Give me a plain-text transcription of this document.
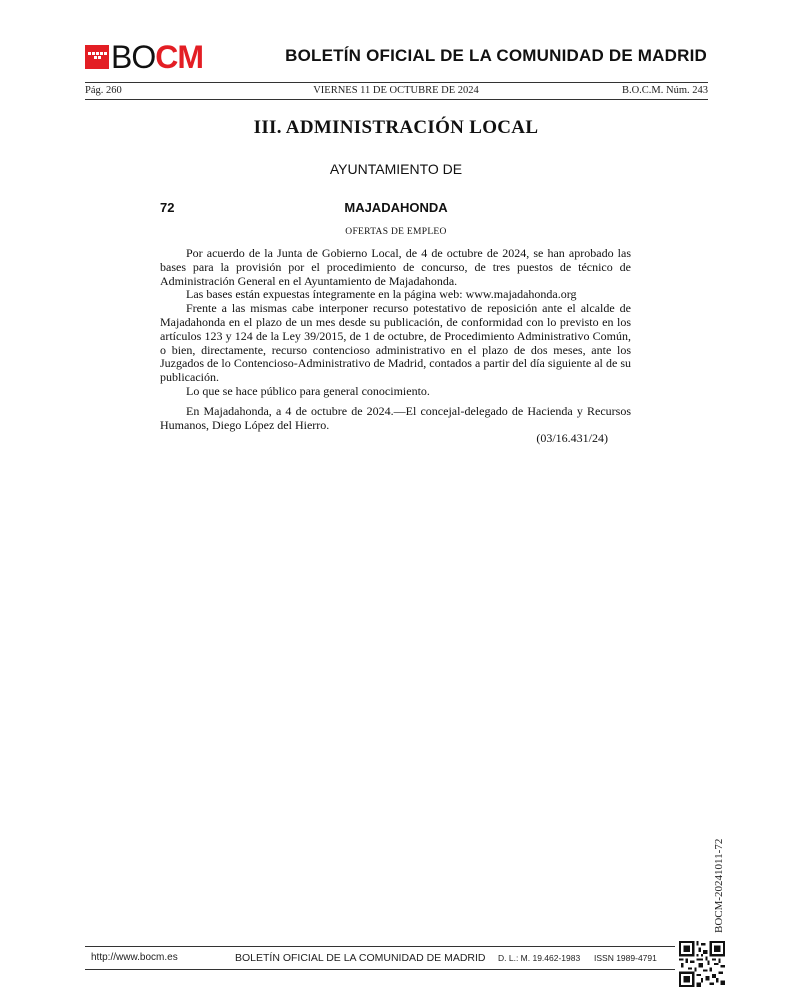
BOCM	BOLETÍN OFICIAL DE LA COMUNIDAD DE MADRID
Pág. 260	VIERNES 11 DE OCTUBRE DE 2024	B.O.C.M. Núm. 243
III. ADMINISTRACIÓN LOCAL
AYUNTAMIENTO DE
72	MAJADAHONDA
OFERTAS DE EMPLEO

Por acuerdo de la Junta de Gobierno Local, de 4 de octubre de 2024, se han aprobado las bases para la provisión por el procedimiento de concurso, de tres puestos de técnico de Administración General en el Ayuntamiento de Majadahonda.

Las bases están expuestas íntegramente en la página web: www.majadahonda.org

Frente a las mismas cabe interponer recurso potestativo de reposición ante el alcalde de Majadahonda en el plazo de un mes desde su publicación, de conformidad con lo previsto en los artículos 123 y 124 de la Ley 39/2015, de 1 de octubre, de Procedimiento Administrativo Común, o bien, directamente, recurso contencioso administrativo en el plazo de dos meses, ante los Juzgados de lo Contencioso-Administrativo de Madrid, contados a partir del día siguiente al de su publicación.

Lo que se hace público para general conocimiento.

En Majadahonda, a 4 de octubre de 2024.—El concejal-delegado de Hacienda y Recursos Humanos, Diego López del Hierro.

(03/16.431/24)
BOCM-20241011-72
http://www.bocm.es	BOLETÍN OFICIAL DE LA COMUNIDAD DE MADRID D. L.: M. 19.462-1983 ISSN 1989-4791
